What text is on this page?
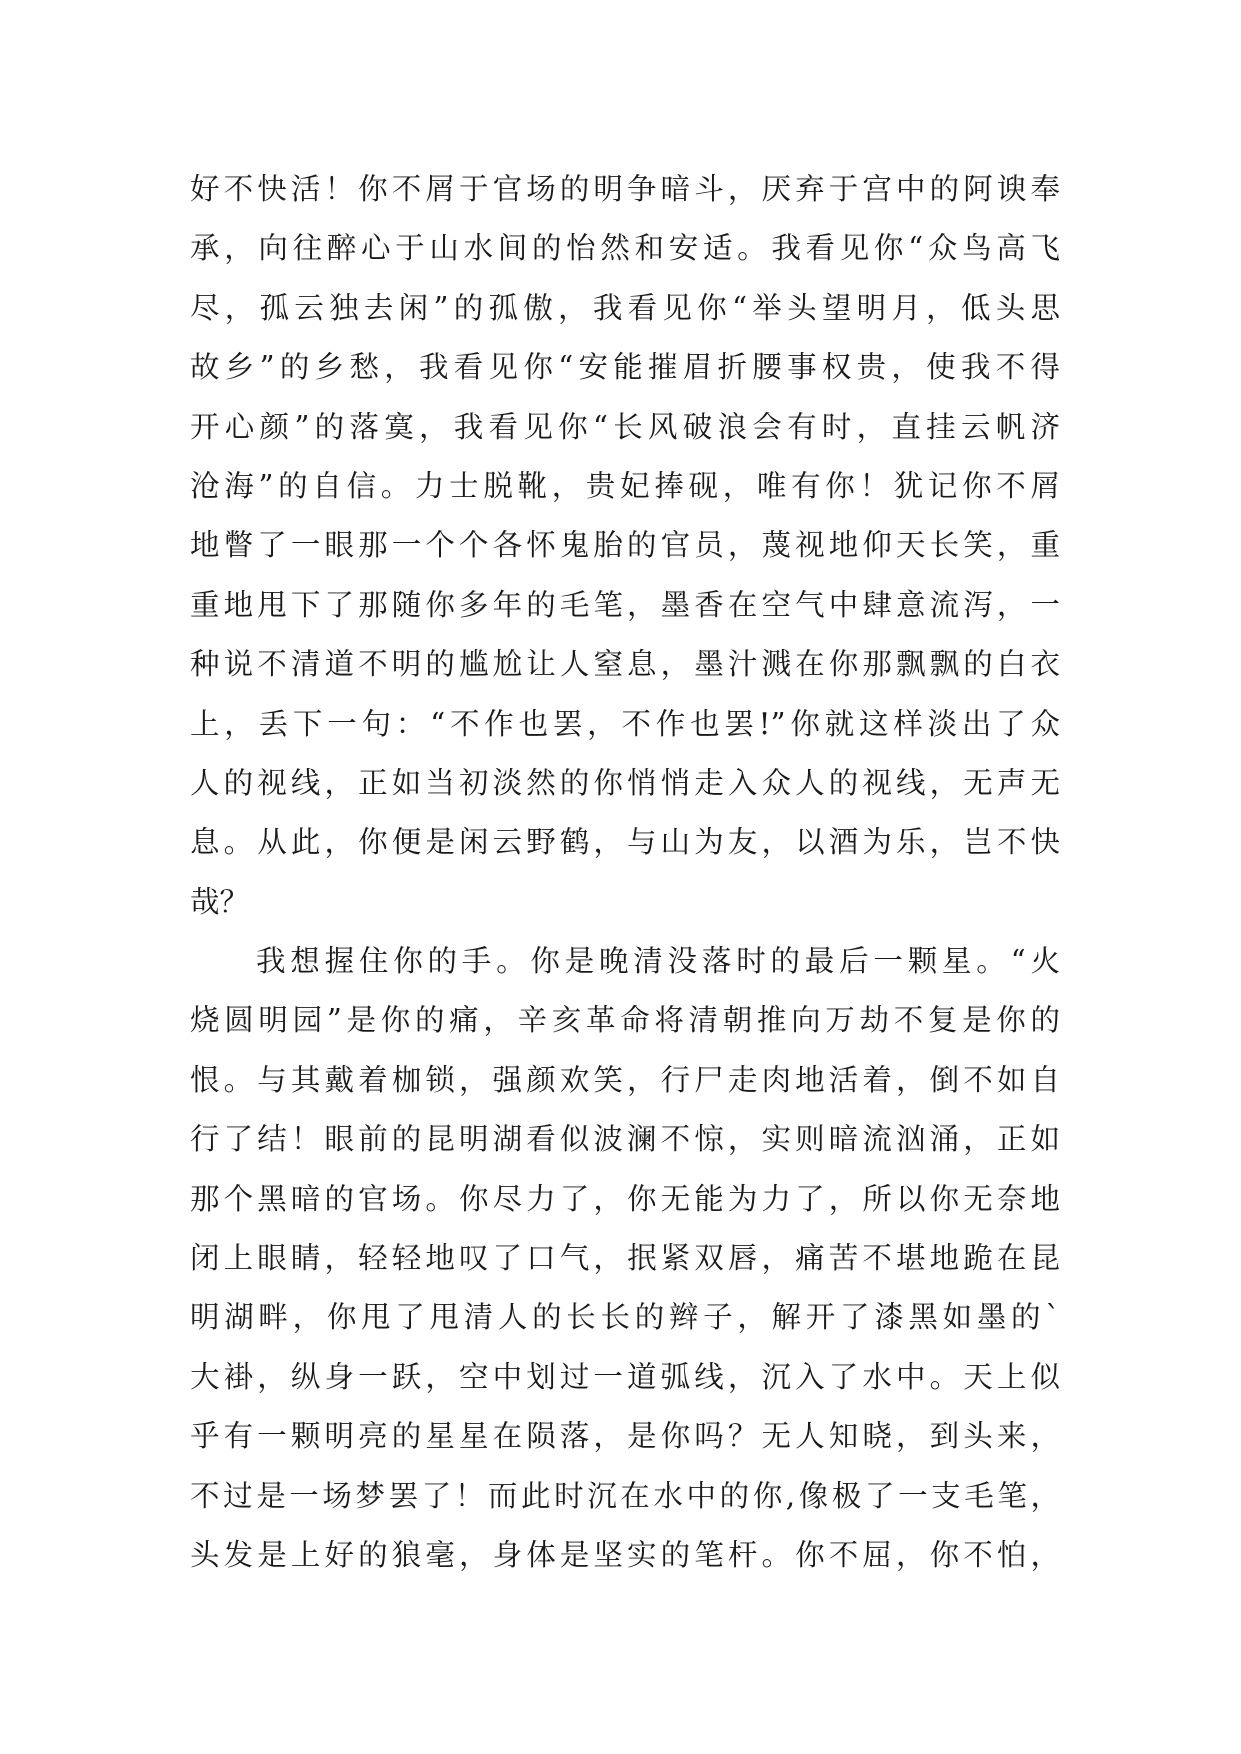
好不快活！你不屑于官场的明争暗斗，厌弃于宫中的阿谀奉
承，向往醉心于山水间的怡然和安适。我看见你“众鸟高飞
尽，孤云独去闲”的孤傲，我看见你“举头望明月，低头思
故乡”的乡愁，我看见你“安能摧眉折腰事权贵，使我不得
开心颜”的落寞，我看见你“长风破浪会有时，直挂云帆济
沧海”的自信。力士脱靴，贵妃捧砚，唯有你！犹记你不屑
地瞥了一眼那一个个各怀鬼胎的官员，蔑视地仰天长笑，重
重地甩下了那随你多年的毛笔，墨香在空气中肆意流泻，一
种说不清道不明的尴尬让人窒息，墨汁溅在你那飘飘的白衣
上，丢下一句：“不作也罢，不作也罢!”你就这样淡出了众
人的视线，正如当初淡然的你悄悄走入众人的视线，无声无
息。从此，你便是闲云野鹤，与山为友，以酒为乐，岂不快
哉？
我想握住你的手。你是晚清没落时的最后一颗星。“火
烧圆明园”是你的痛，辛亥革命将清朝推向万劫不复是你的
恨。与其戴着枷锁，强颜欢笑，行尸走肉地活着，倒不如自
行了结！眼前的昆明湖看似波澜不惊，实则暗流汹涌，正如
那个黑暗的官场。你尽力了，你无能为力了，所以你无奈地
闭上眼睛，轻轻地叹了口气，抿紧双唇，痛苦不堪地跪在昆
明湖畔，你甩了甩清人的长长的辫子，解开了漆黑如墨的`
大褂，纵身一跃，空中划过一道弧线，沉入了水中。天上似
乎有一颗明亮的星星在陨落，是你吗？无人知晓，到头来，
不过是一场梦罢了！而此时沉在水中的你,像极了一支毛笔，
头发是上好的狼毫，身体是坚实的笔杆。你不屈，你不怕，
